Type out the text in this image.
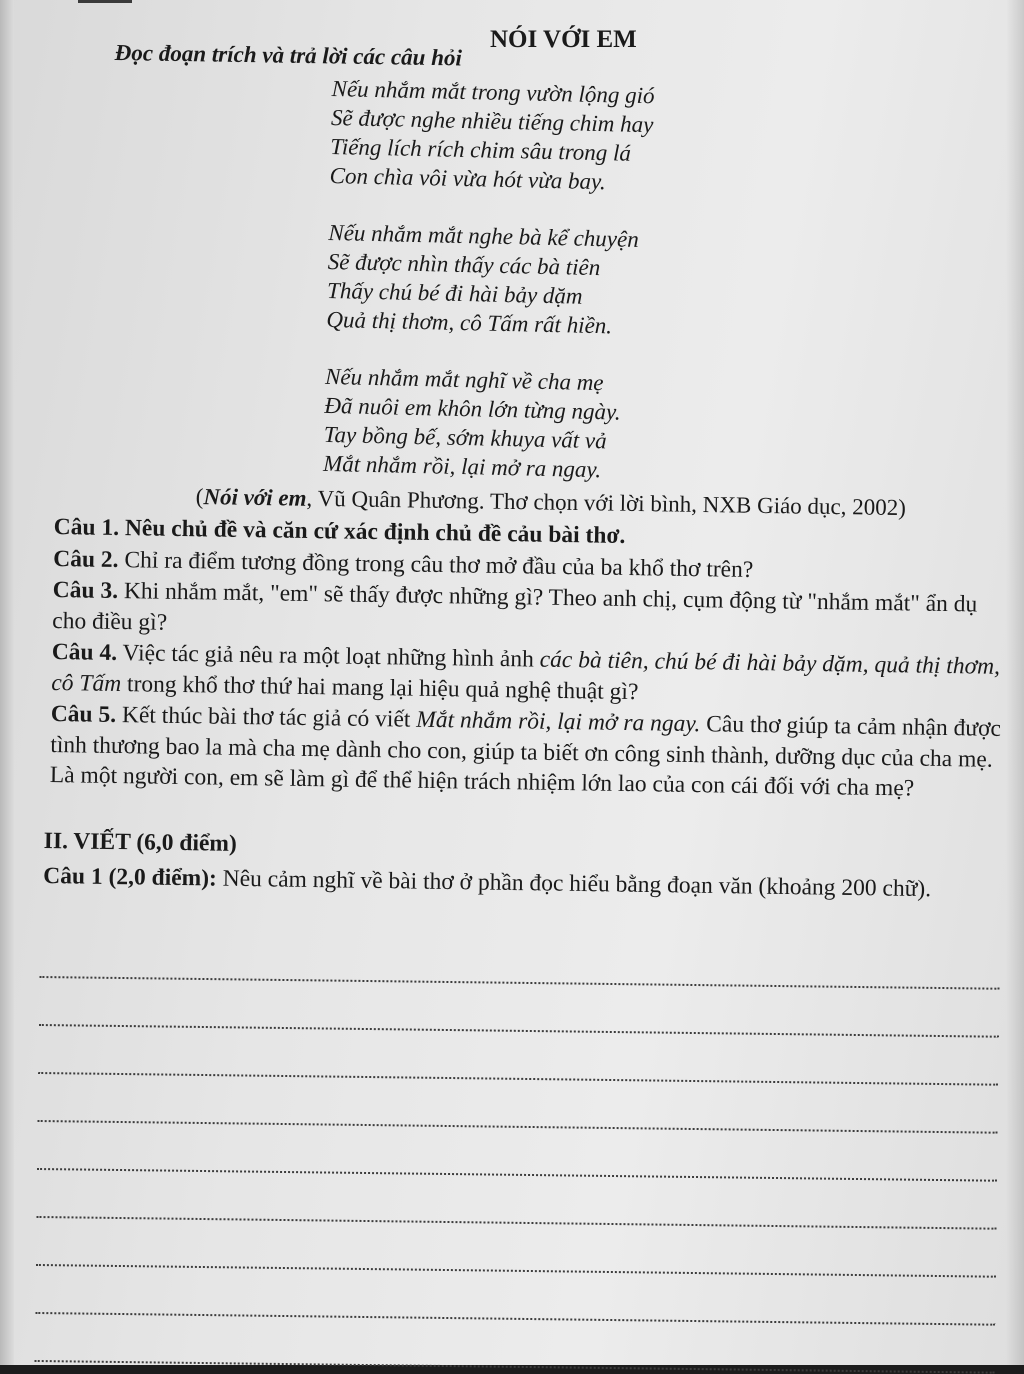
NÓI VỚI EM
Đọc đoạn trích và trả lời các câu hỏi
Nếu nhắm mắt trong vườn lộng gió
Sẽ được nghe nhiều tiếng chim hay
Tiếng lích rích chim sâu trong lá
Con chìa vôi vừa hót vừa bay.
Nếu nhắm mắt nghe bà kể chuyện
Sẽ được nhìn thấy các bà tiên
Thấy chú bé đi hài bảy dặm
Quả thị thơm, cô Tấm rất hiền.
Nếu nhắm mắt nghĩ về cha mẹ
Đã nuôi em khôn lớn từng ngày.
Tay bồng bế, sớm khuya vất vả
Mắt nhắm rồi, lại mở ra ngay.
(Nói với em, Vũ Quân Phương. Thơ chọn với lời bình, NXB Giáo dục, 2002)

Câu 1. Nêu chủ đề và căn cứ xác định chủ đề cảu bài thơ.

Câu 2. Chỉ ra điểm tương đồng trong câu thơ mở đầu của ba khổ thơ trên?

Câu 3. Khi nhắm mắt, "em" sẽ thấy được những gì? Theo anh chị, cụm động từ "nhắm mắt" ẩn dụ cho điều gì?

Câu 4. Việc tác giả nêu ra một loạt những hình ảnh các bà tiên, chú bé đi hài bảy dặm, quả thị thơm, cô Tấm trong khổ thơ thứ hai mang lại hiệu quả nghệ thuật gì?

Câu 5. Kết thúc bài thơ tác giả có viết Mắt nhắm rồi, lại mở ra ngay. Câu thơ giúp ta cảm nhận được tình thương bao la mà cha mẹ dành cho con, giúp ta biết ơn công sinh thành, dưỡng dục của cha mẹ. Là một người con, em sẽ làm gì để thể hiện trách nhiệm lớn lao của con cái đối với cha mẹ?

II. VIẾT (6,0 điểm)

Câu 1 (2,0 điểm): Nêu cảm nghĩ về bài thơ ở phần đọc hiểu bằng đoạn văn (khoảng 200 chữ).
